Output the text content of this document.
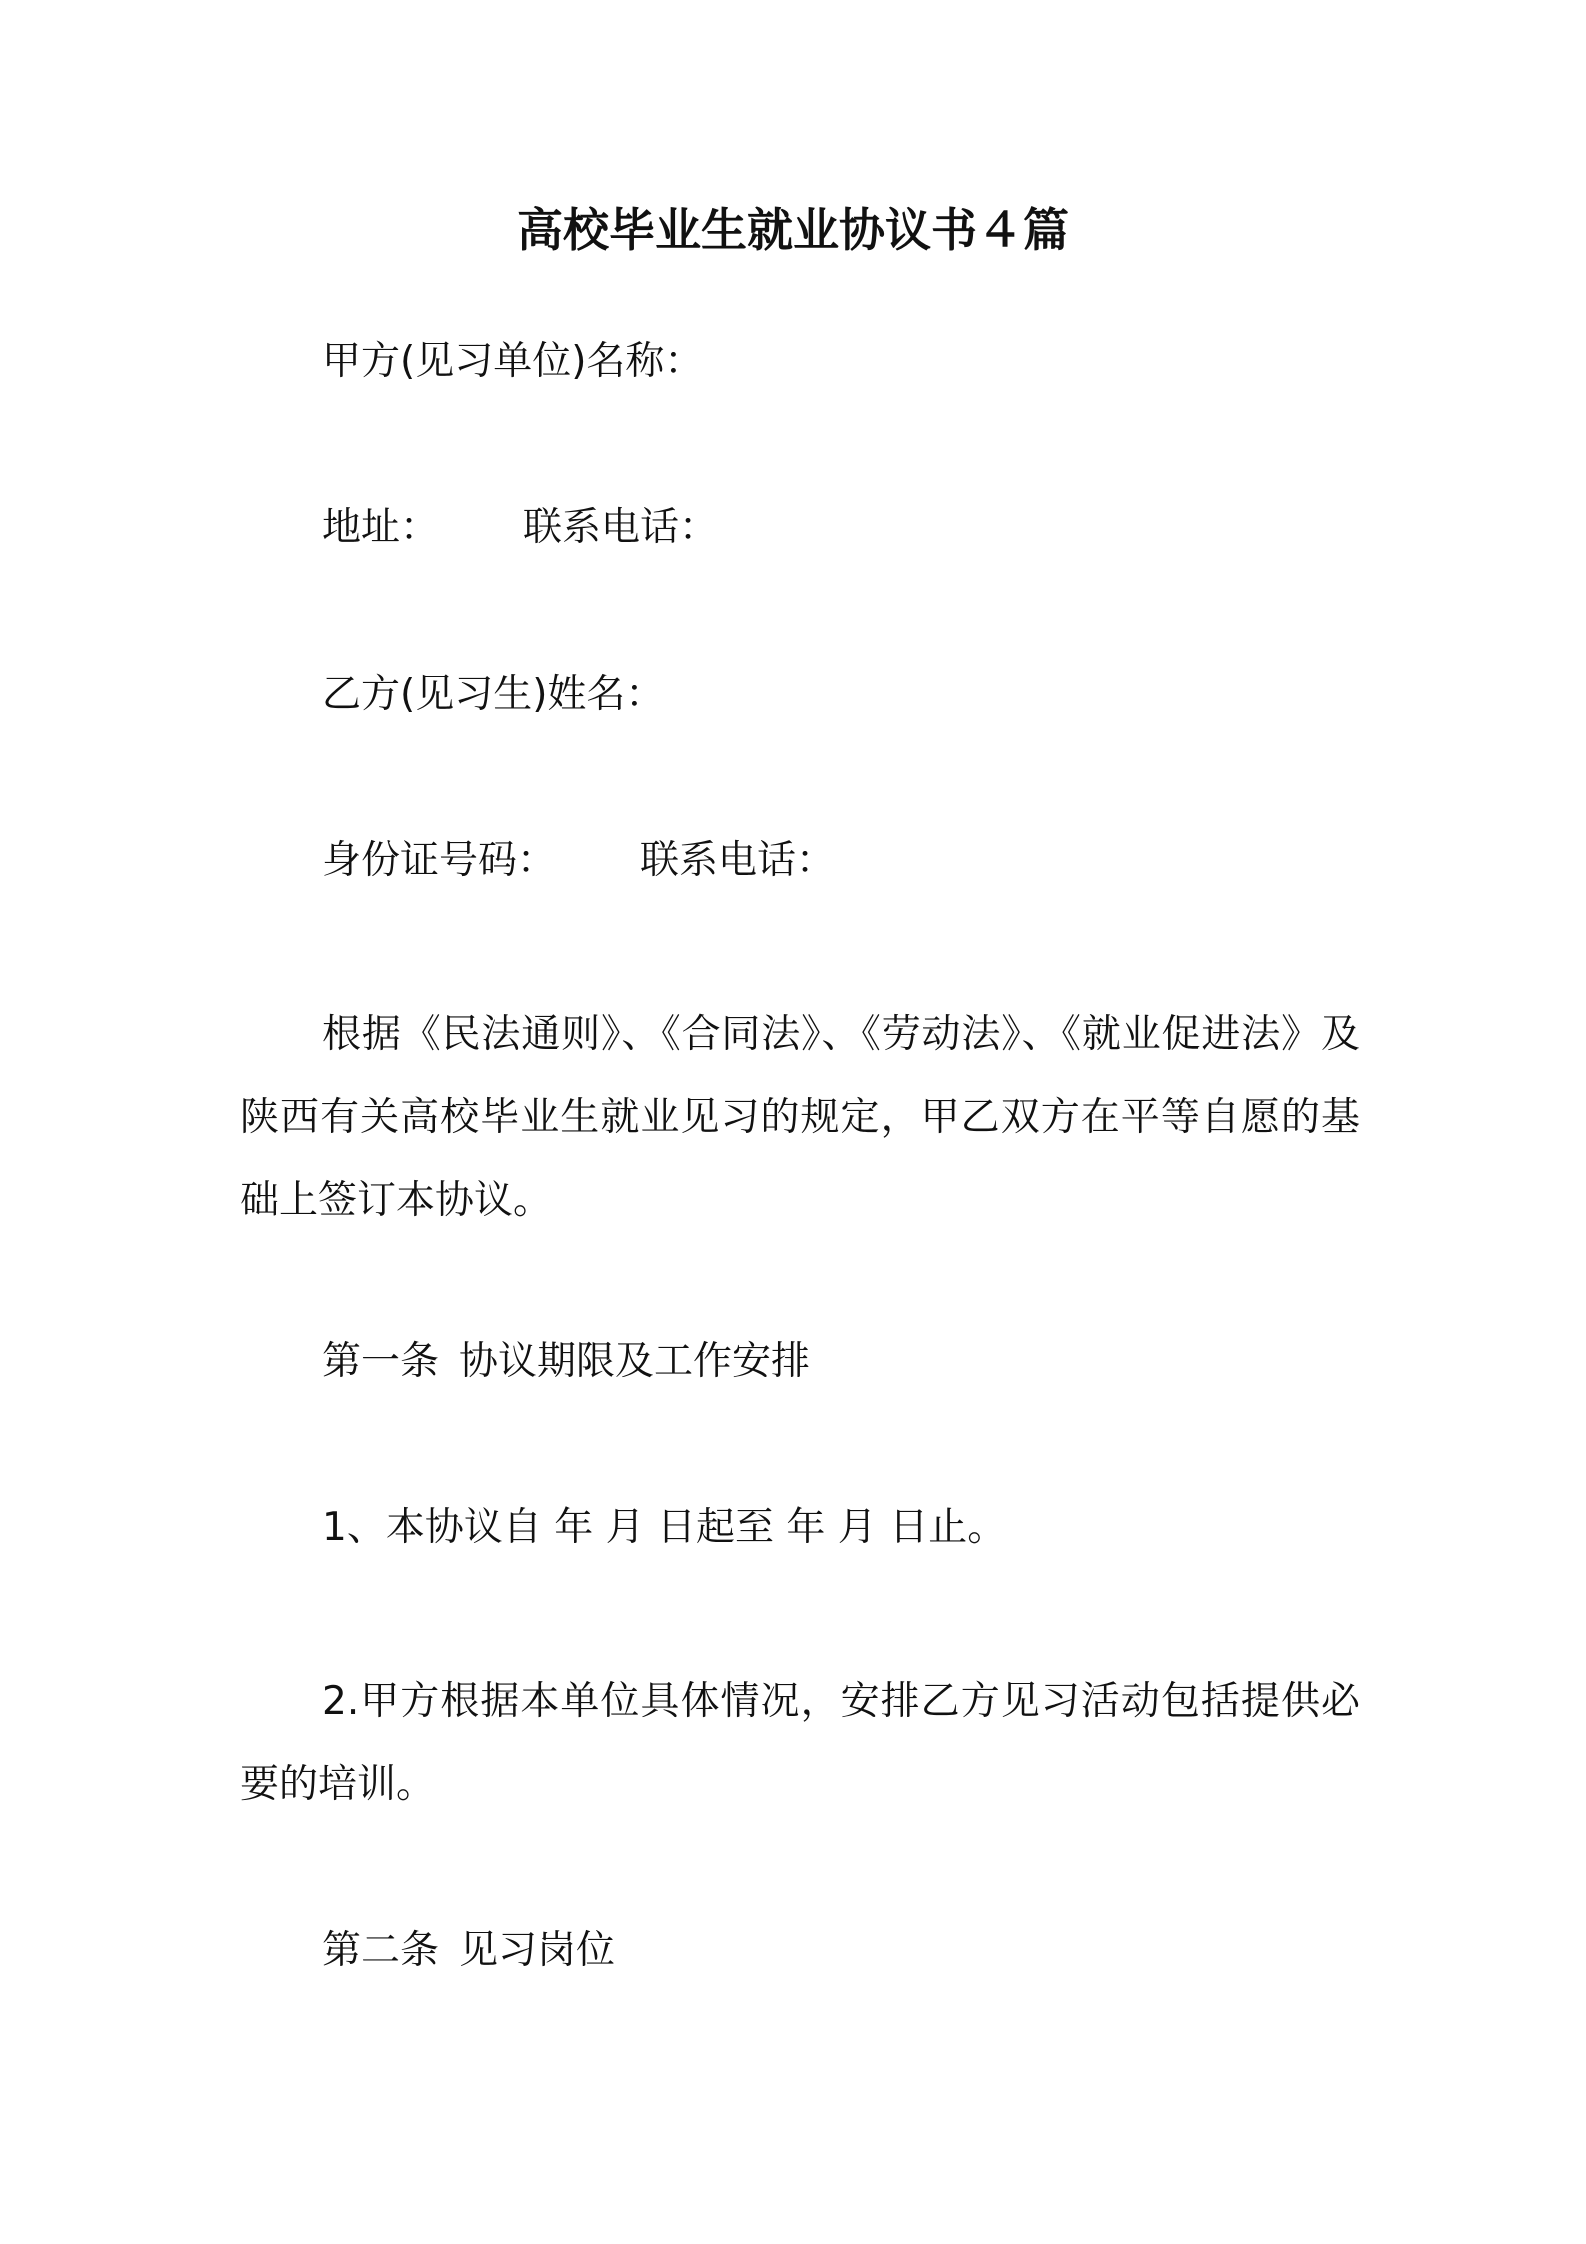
高校毕业生就业协议书４篇
甲方(见习单位)名称：
地址： 联系电话：
乙方(见习生)姓名：
身份证号码： 联系电话：

根据《民法通则》、《合同法》、《劳动法》、《就业促进法》及陕西有关高校毕业生就业见习的规定，甲乙双方在平等自愿的基础上签订本协议。

第一条 协议期限及工作安排
1、本协议自 年 月 日起至 年 月 日止。

2.甲方根据本单位具体情况，安排乙方见习活动包括提供必要的培训。

第二条 见习岗位
